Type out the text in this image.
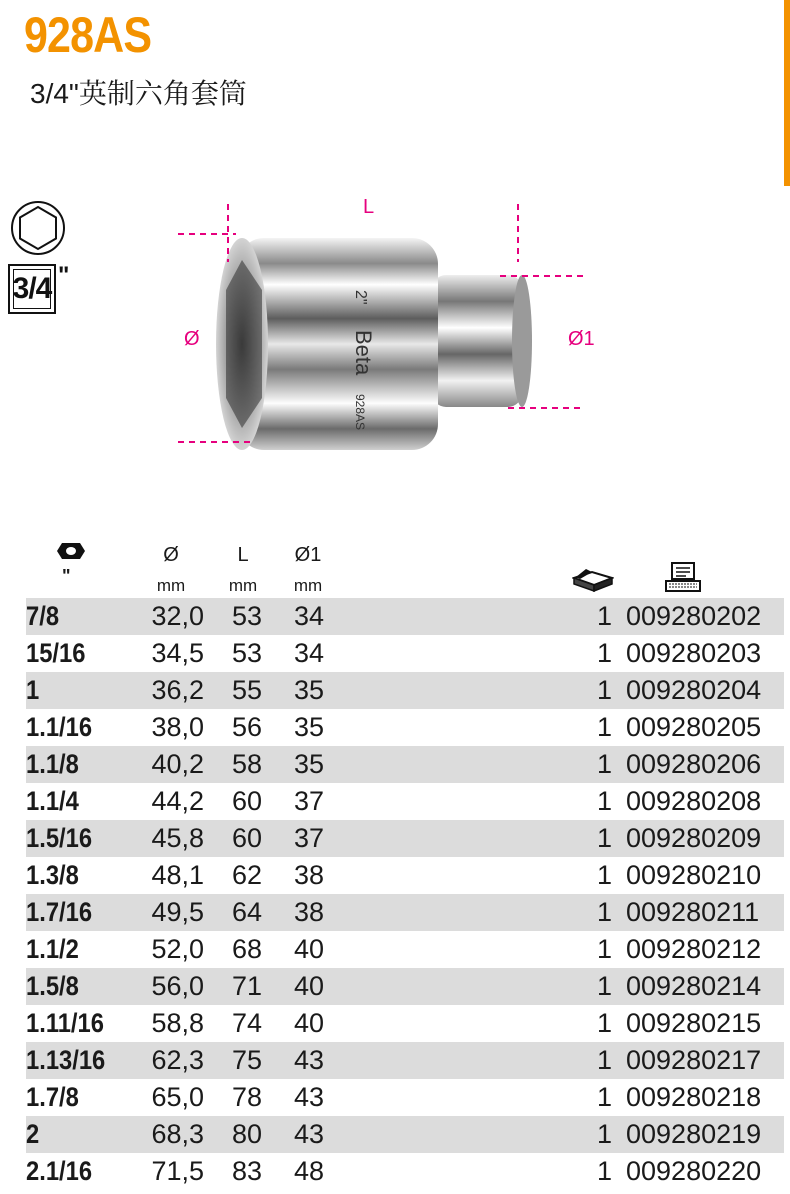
928AS
3/4"英制六角套筒
3/4 "
2"
Beta
928AS
L
Ø	Ø1
"
Ø
mm
L
mm
Ø1
mm
7/8	32,0 53 34	1 009280202
15/16	34,5 53 34	1 009280203
1	36,2 55 35	1 009280204
1.1/16	38,0 56 35	1 009280205
1.1/8	40,2 58 35	1 009280206
1.1/4	44,2 60 37	1 009280208
1.5/16	45,8 60 37	1 009280209
1.3/8	48,1 62 38	1 009280210
1.7/16	49,5 64 38	1 009280211
1.1/2	52,0 68 40	1 009280212
1.5/8	56,0 71 40	1 009280214
1.11/16	58,8 74 40	1 009280215
1.13/16	62,3 75 43	1 009280217
1.7/8	65,0 78 43	1 009280218
2	68,3 80 43	1 009280219
2.1/16	71,5 83 48	1 009280220
